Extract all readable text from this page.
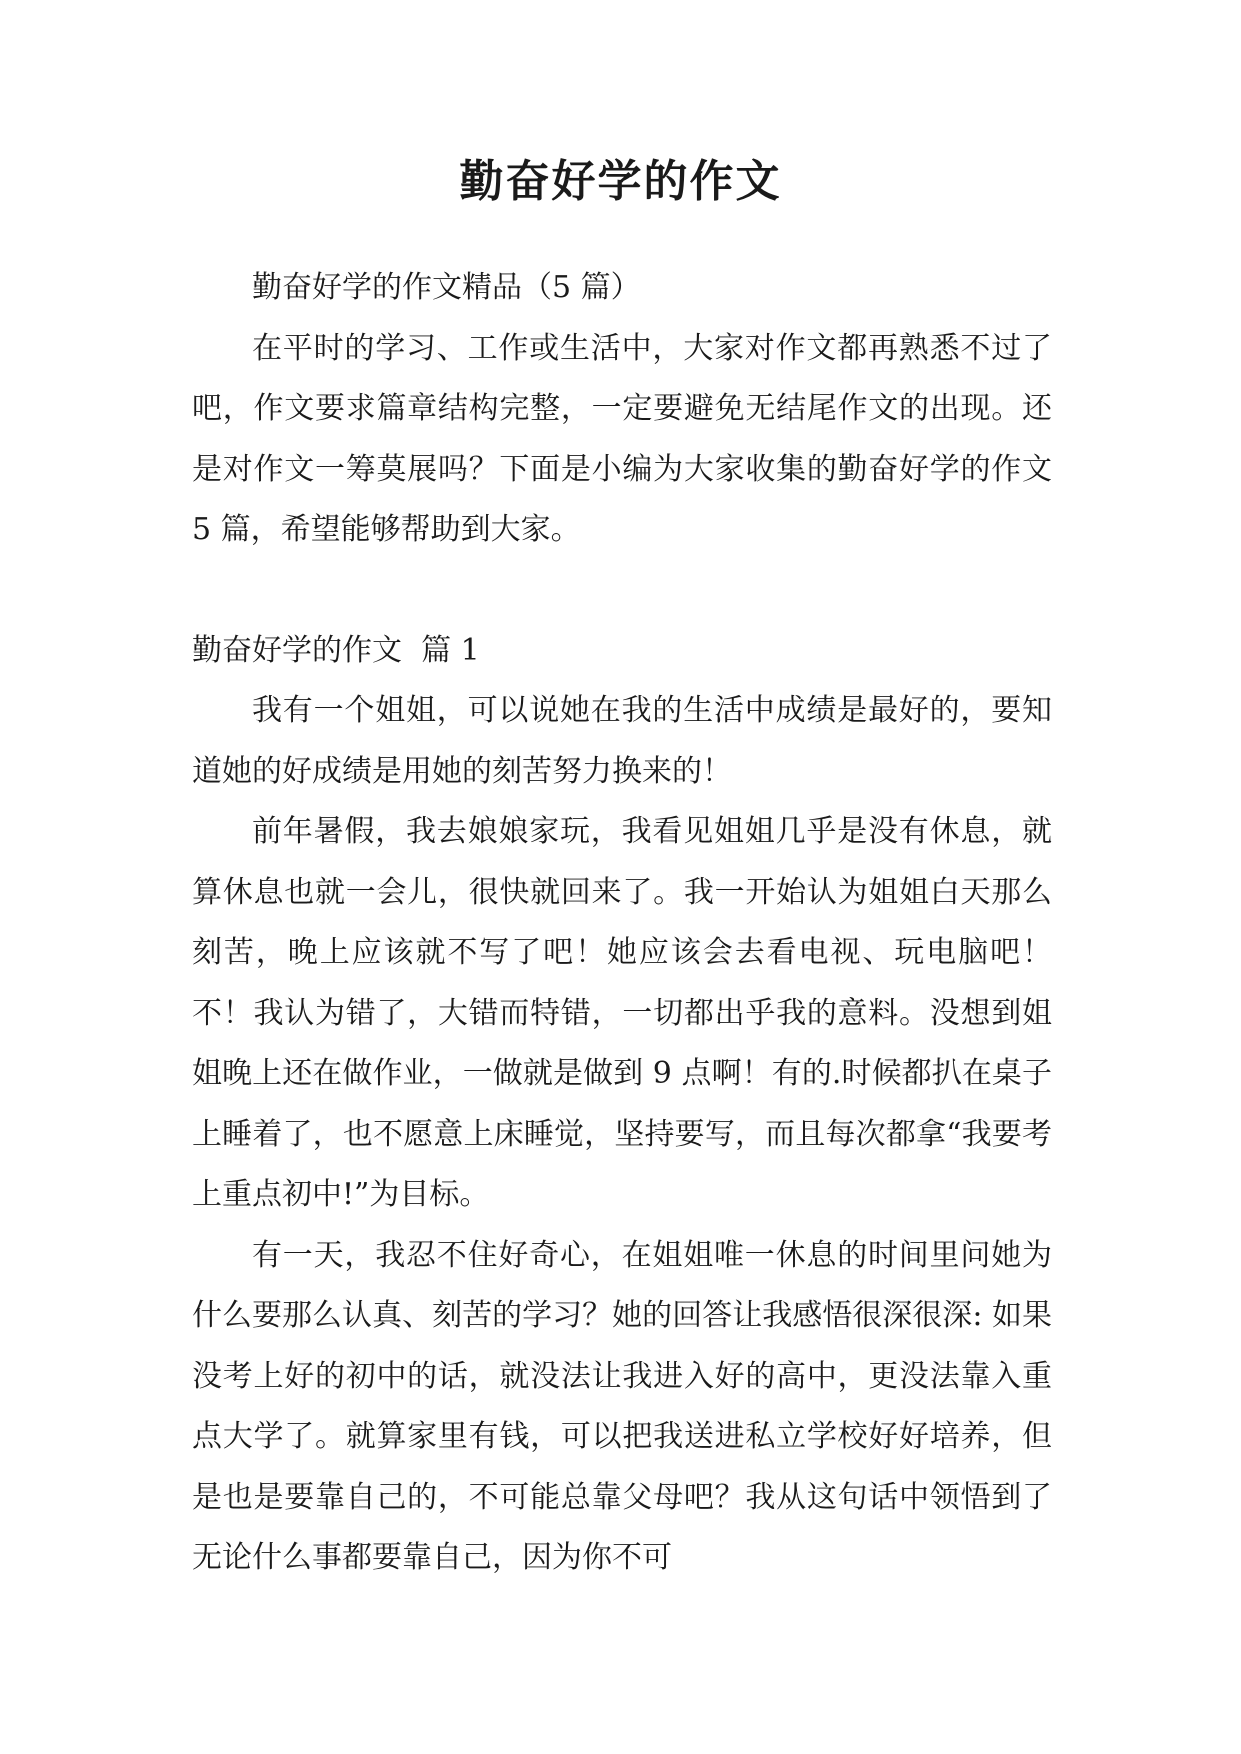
勤奋好学的作文

勤奋好学的作文精品（5 篇）

在平时的学习、工作或生活中，大家对作文都再熟悉不过了吧，作文要求篇章结构完整，一定要避免无结尾作文的出现。还是对作文一筹莫展吗？下面是小编为大家收集的勤奋好学的作文 5 篇，希望能够帮助到大家。

勤奋好学的作文  篇 1

我有一个姐姐，可以说她在我的生活中成绩是最好的，要知道她的好成绩是用她的刻苦努力换来的！

前年暑假，我去娘娘家玩，我看见姐姐几乎是没有休息，就算休息也就一会儿，很快就回来了。我一开始认为姐姐白天那么刻苦，晚上应该就不写了吧！她应该会去看电视、玩电脑吧！不！我认为错了，大错而特错，一切都出乎我的意料。没想到姐姐晚上还在做作业，一做就是做到 9 点啊！有的.时候都扒在桌子上睡着了，也不愿意上床睡觉，坚持要写，而且每次都拿“我要考上重点初中!”为目标。

有一天，我忍不住好奇心，在姐姐唯一休息的时间里问她为什么要那么认真、刻苦的学习？她的回答让我感悟很深很深: 如果没考上好的初中的话，就没法让我进入好的高中，更没法靠入重点大学了。就算家里有钱，可以把我送进私立学校好好培养，但是也是要靠自己的，不可能总靠父母吧？我从这句话中领悟到了无论什么事都要靠自己，因为你不可
